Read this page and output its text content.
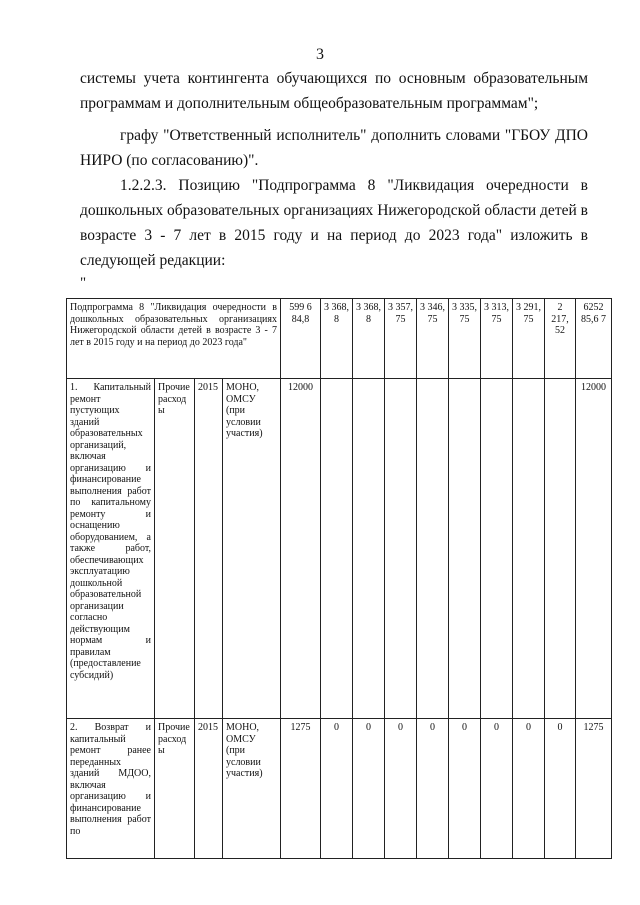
3
системы учета контингента обучающихся по основным образовательным
программам и дополнительным общеобразовательным программам";
графу "Ответственный исполнитель" дополнить словами "ГБОУ ДПО
НИРО (по согласованию)".
1.2.2.3. Позицию "Подпрограмма 8 "Ликвидация очередности в
дошкольных образовательных организациях Нижегородской области детей в
возрасте 3 - 7 лет в 2015 году и на период до 2023 года" изложить в
следующей редакции:
"
Подпрограмма 8 "Ликвидация очередности в дошкольных образовательных организациях Нижегородской области детей в возрасте 3 - 7 лет в 2015 году и на период до 2023 года"				599 6 84,8	3 368, 8	3 368, 8	3 357, 75	3 346, 75	3 335, 75	3 313, 75	3 291, 75	2 217, 52	6252 85,6 7
1. Капитальный ремонт пустующих зданий образовательных организаций, включая организацию и финансирование выполнения работ по капитальному ремонту и оснащению оборудованием, а также работ, обеспечивающих эксплуатацию дошкольной образовательной организации согласно действующим нормам и правилам (предоставление субсидий)	Прочие расходы	2015	МОНО, ОМСУ (при условии участия)	12000									12000
2. Возврат и капитальный ремонт ранее переданных зданий МДОО, включая организацию и финансирование выполнения работ по	Прочие расходы	2015	МОНО, ОМСУ (при условии участия)	1275	0	0	0	0	0	0	0	0	1275
